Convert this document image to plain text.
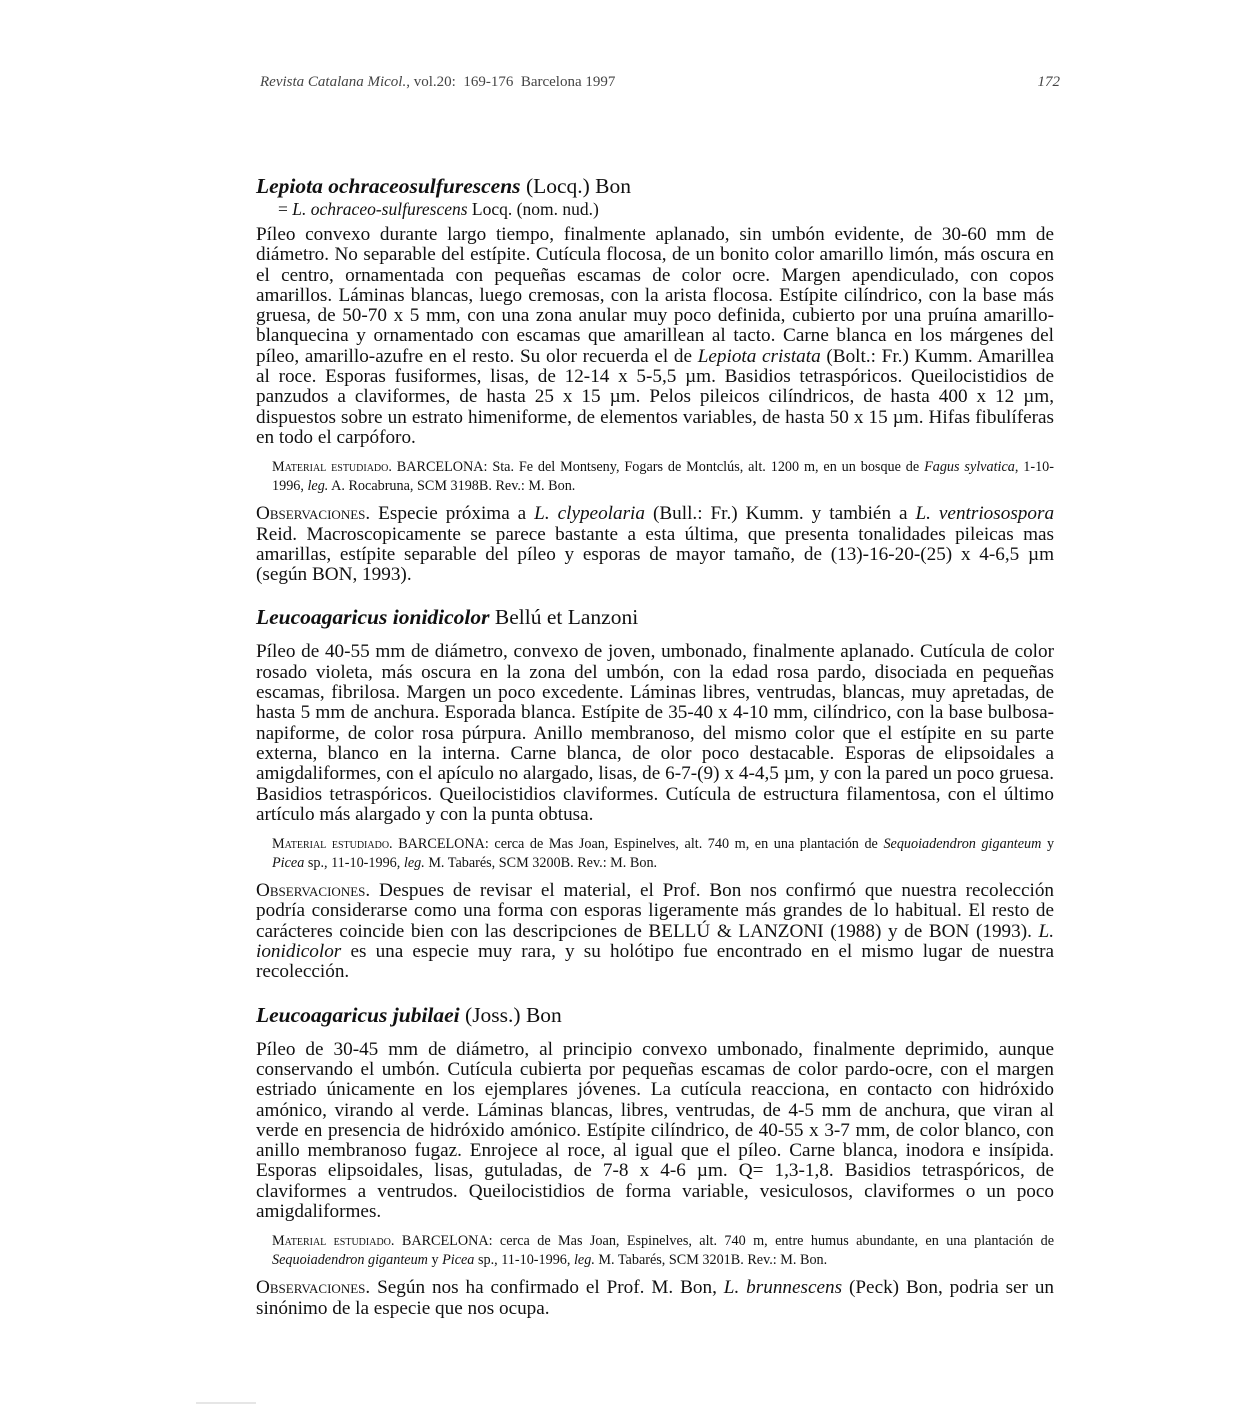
Revista Catalana Micol., vol.20: 169-176 Barcelona 1997	172

Lepiota ochraceosulfurescens (Locq.) Bon

= L. ochraceo-sulfurescens Locq. (nom. nud.)

Píleo convexo durante largo tiempo, finalmente aplanado, sin umbón evidente, de 30-60 mm de diámetro. No separable del estípite. Cutícula flocosa, de un bonito color amarillo limón, más oscura en el centro, ornamentada con pequeñas escamas de color ocre. Margen apendiculado, con copos amarillos. Láminas blancas, luego cremosas, con la arista flocosa. Estípite cilíndrico, con la base más gruesa, de 50-70 x 5 mm, con una zona anular muy poco definida, cubierto por una pruína amarillo-blanquecina y ornamentado con escamas que amarillean al tacto. Carne blanca en los márgenes del píleo, amarillo-azufre en el resto. Su olor recuerda el de Lepiota cristata (Bolt.: Fr.) Kumm. Amarillea al roce. Esporas fusiformes, lisas, de 12-14 x 5-5,5 µm. Basidios tetraspóricos. Queilocistidios de panzudos a claviformes, de hasta 25 x 15 µm. Pelos pileicos cilíndricos, de hasta 400 x 12 µm, dispuestos sobre un estrato himeniforme, de elementos variables, de hasta 50 x 15 µm. Hifas fibulíferas en todo el carpóforo.

Material estudiado. BARCELONA: Sta. Fe del Montseny, Fogars de Montclús, alt. 1200 m, en un bosque de Fagus sylvatica, 1-10-1996, leg. A. Rocabruna, SCM 3198B. Rev.: M. Bon.

Observaciones. Especie próxima a L. clypeolaria (Bull.: Fr.) Kumm. y también a L. ventriosospora Reid. Macroscopicamente se parece bastante a esta última, que presenta tonalidades pileicas mas amarillas, estípite separable del píleo y esporas de mayor tamaño, de (13)-16-20-(25) x 4-6,5 µm (según BON, 1993).

Leucoagaricus ionidicolor Bellú et Lanzoni

Píleo de 40-55 mm de diámetro, convexo de joven, umbonado, finalmente aplanado. Cutícula de color rosado violeta, más oscura en la zona del umbón, con la edad rosa pardo, disociada en pequeñas escamas, fibrilosa. Margen un poco excedente. Láminas libres, ventrudas, blancas, muy apretadas, de hasta 5 mm de anchura. Esporada blanca. Estípite de 35-40 x 4-10 mm, cilíndrico, con la base bulbosa-napiforme, de color rosa púrpura. Anillo membranoso, del mismo color que el estípite en su parte externa, blanco en la interna. Carne blanca, de olor poco destacable. Esporas de elipsoidales a amigdaliformes, con el apículo no alargado, lisas, de 6-7-(9) x 4-4,5 µm, y con la pared un poco gruesa. Basidios tetraspóricos. Queilocistidios claviformes. Cutícula de estructura filamentosa, con el último artículo más alargado y con la punta obtusa.

Material estudiado. BARCELONA: cerca de Mas Joan, Espinelves, alt. 740 m, en una plantación de Sequoiadendron giganteum y Picea sp., 11-10-1996, leg. M. Tabarés, SCM 3200B. Rev.: M. Bon.

Observaciones. Despues de revisar el material, el Prof. Bon nos confirmó que nuestra recolección podría considerarse como una forma con esporas ligeramente más grandes de lo habitual. El resto de carácteres coincide bien con las descripciones de BELLÚ & LANZONI (1988) y de BON (1993). L. ionidicolor es una especie muy rara, y su holótipo fue encontrado en el mismo lugar de nuestra recolección.

Leucoagaricus jubilaei (Joss.) Bon

Píleo de 30-45 mm de diámetro, al principio convexo umbonado, finalmente deprimido, aunque conservando el umbón. Cutícula cubierta por pequeñas escamas de color pardo-ocre, con el margen estriado únicamente en los ejemplares jóvenes. La cutícula reacciona, en contacto con hidróxido amónico, virando al verde. Láminas blancas, libres, ventrudas, de 4-5 mm de anchura, que viran al verde en presencia de hidróxido amónico. Estípite cilíndrico, de 40-55 x 3-7 mm, de color blanco, con anillo membranoso fugaz. Enrojece al roce, al igual que el píleo. Carne blanca, inodora e insípida. Esporas elipsoidales, lisas, gutuladas, de 7-8 x 4-6 µm. Q= 1,3-1,8. Basidios tetraspóricos, de claviformes a ventrudos. Queilocistidios de forma variable, vesiculosos, claviformes o un poco amigdaliformes.

Material estudiado. BARCELONA: cerca de Mas Joan, Espinelves, alt. 740 m, entre humus abundante, en una plantación de Sequoiadendron giganteum y Picea sp., 11-10-1996, leg. M. Tabarés, SCM 3201B. Rev.: M. Bon.

Observaciones. Según nos ha confirmado el Prof. M. Bon, L. brunnescens (Peck) Bon, podria ser un sinónimo de la especie que nos ocupa.
